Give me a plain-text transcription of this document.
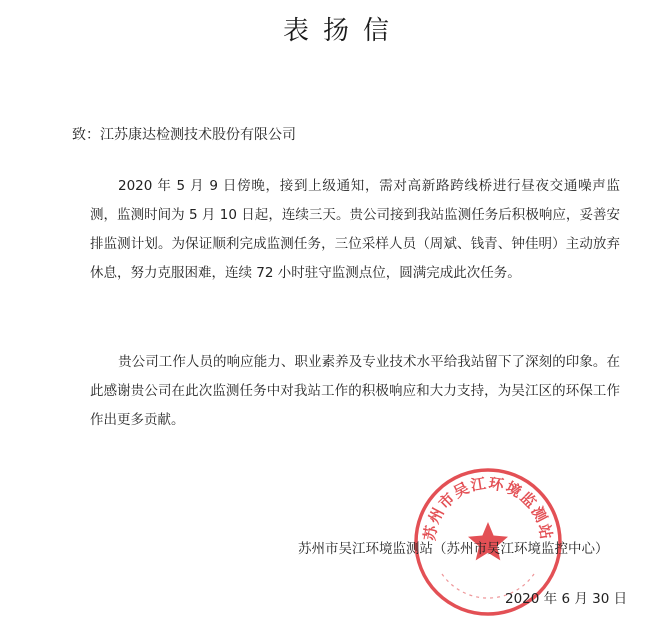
表扬信
致：江苏康达检测技术股份有限公司

2020 年 5 月 9 日傍晚，接到上级通知，需对高新路跨线桥进行昼夜交通噪声监测，监测时间为 5 月 10 日起，连续三天。贵公司接到我站监测任务后积极响应，妥善安排监测计划。为保证顺利完成监测任务，三位采样人员（周斌、钱青、钟佳明）主动放弃休息，努力克服困难，连续 72 小时驻守监测点位，圆满完成此次任务。

贵公司工作人员的响应能力、职业素养及专业技术水平给我站留下了深刻的印象。在此感谢贵公司在此次监测任务中对我站工作的积极响应和大力支持，为吴江区的环保工作作出更多贡献。

苏州市吴江环境监测站
苏州市吴江环境监测站（苏州市吴江环境监控中心）
2020 年 6 月 30 日
